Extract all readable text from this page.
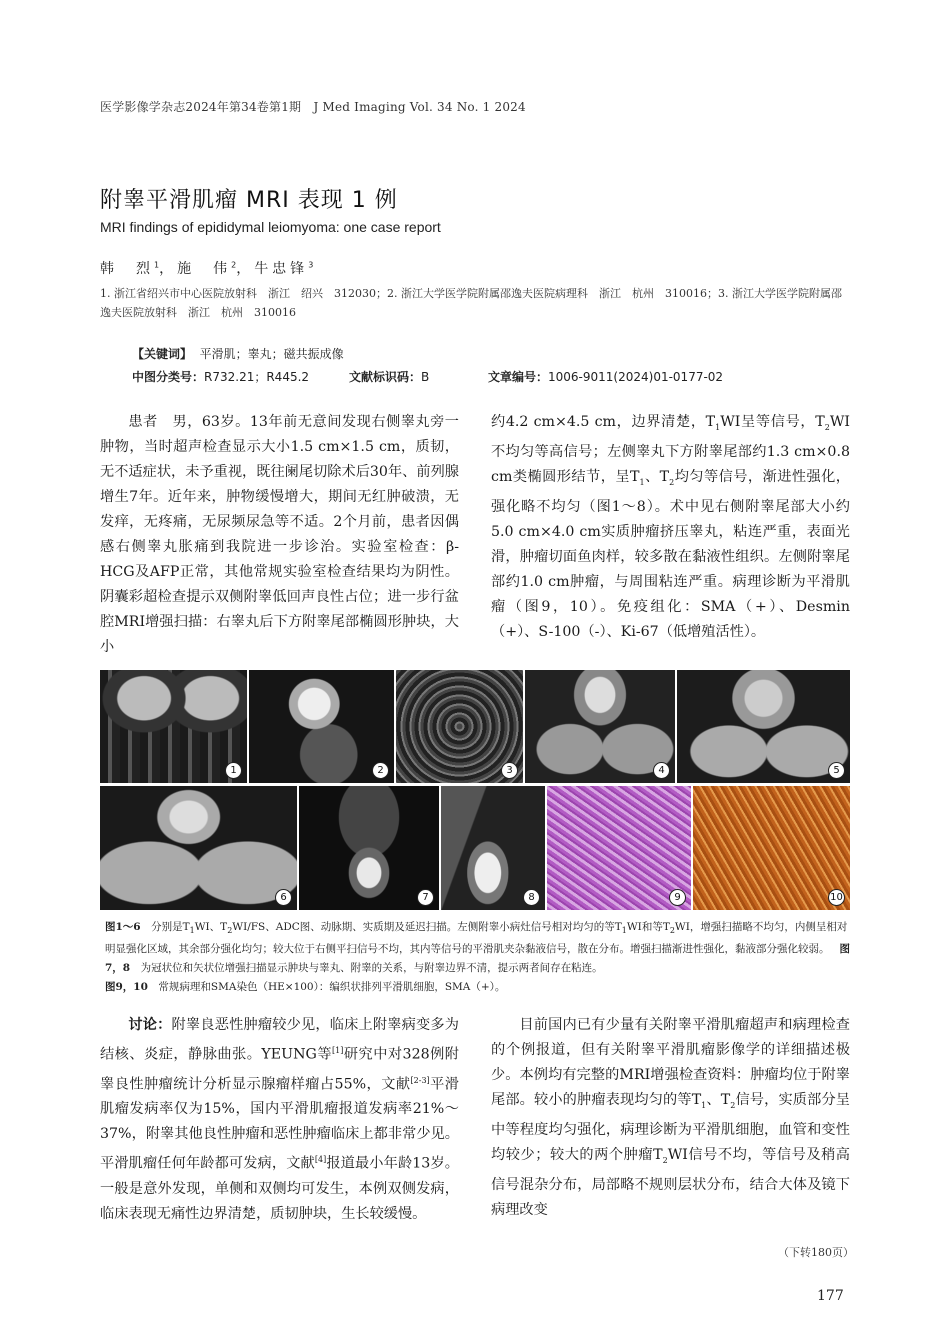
医学影像学杂志2024年第34卷第1期　J Med Imaging Vol. 34 No. 1 2024
附睾平滑肌瘤 MRI 表现 1 例
MRI findings of epididymal leiomyoma: one case report
韩　烈$^1$，施　伟$^2$，牛忠锋$^3$
1. 浙江省绍兴市中心医院放射科　浙江　绍兴　312030；2. 浙江大学医学院附属邵逸夫医院病理科　浙江　杭州　310016；3. 浙江大学医学院附属邵逸夫医院放射科　浙江　杭州　310016
【关键词】 平滑肌；睾丸；磁共振成像
中图分类号：R732.21；R445.2	文献标识码：B	文章编号：1006-9011(2024)01-0177-02

患者　男，63岁。13年前无意间发现右侧睾丸旁一肿物，当时超声检查显示大小1.5 cm×1.5 cm，质韧，无不适症状，未予重视，既往阑尾切除术后30年、前列腺增生7年。近年来，肿物缓慢增大，期间无红肿破溃，无发痒，无疼痛，无尿频尿急等不适。2个月前，患者因偶感右侧睾丸胀痛到我院进一步诊治。实验室检查：β-HCG及AFP正常，其他常规实验室检查结果均为阴性。阴囊彩超检查提示双侧附睾低回声良性占位；进一步行盆腔MRI增强扫描：右睾丸后下方附睾尾部椭圆形肿块，大小

约4.2 cm×4.5 cm，边界清楚，$T_1WI$呈等信号，$T_2WI$不均匀等高信号；左侧睾丸下方附睾尾部约1.3 cm×0.8 cm类椭圆形结节，呈$T_1$、$T_2$均匀等信号，渐进性强化，强化略不均匀（图1～8）。术中见右侧附睾尾部大小约5.0 cm×4.0 cm实质肿瘤挤压睾丸，粘连严重，表面光滑，肿瘤切面鱼肉样，较多散在黏液性组织。左侧附睾尾部约1.0 cm肿瘤，与周围粘连严重。病理诊断为平滑肌瘤（图9，10）。免疫组化：SMA（+）、Desmin（+）、S-100（-）、Ki-67（低增殖活性）。

1	2	3	4	5
6	7	8	9	10
图1～6　分别是$T_1WI$、$T_2WI/FS$、ADC图、动脉期、实质期及延迟扫描。左侧附睾小病灶信号相对均匀的等$T_1WI$和等$T_2WI$，增强扫描略不均匀，内侧呈相对明显强化区域，其余部分强化均匀；较大位于右侧平扫信号不均，其内等信号的平滑肌夹杂黏液信号，散在分布。增强扫描渐进性强化，黏液部分强化较弱。 图7，8　为冠状位和矢状位增强扫描显示肿块与睾丸、附睾的关系，与附睾边界不清，提示两者间存在粘连。
图9，10　常规病理和SMA染色（HE×100）：编织状排列平滑肌细胞，SMA（+）。

讨论：附睾良恶性肿瘤较少见，临床上附睾病变多为结核、炎症，静脉曲张。YEUNG等[1]研究中对328例附睾良性肿瘤统计分析显示腺瘤样瘤占55%，文献[2-3]平滑肌瘤发病率仅为15%，国内平滑肌瘤报道发病率21%～37%，附睾其他良性肿瘤和恶性肿瘤临床上都非常少见。平滑肌瘤任何年龄都可发病，文献[4]报道最小年龄13岁。一般是意外发现，单侧和双侧均可发生，本例双侧发病，临床表现无痛性边界清楚，质韧肿块，生长较缓慢。

目前国内已有少量有关附睾平滑肌瘤超声和病理检查的个例报道，但有关附睾平滑肌瘤影像学的详细描述极少。本例均有完整的MRI增强检查资料：肿瘤均位于附睾尾部。较小的肿瘤表现均匀的等$T_1$、$T_2$信号，实质部分呈中等程度均匀强化，病理诊断为平滑肌细胞，血管和变性均较少；较大的两个肿瘤$T_2WI$信号不均，等信号及稍高信号混杂分布，局部略不规则层状分布，结合大体及镜下病理改变

（下转180页）
177
